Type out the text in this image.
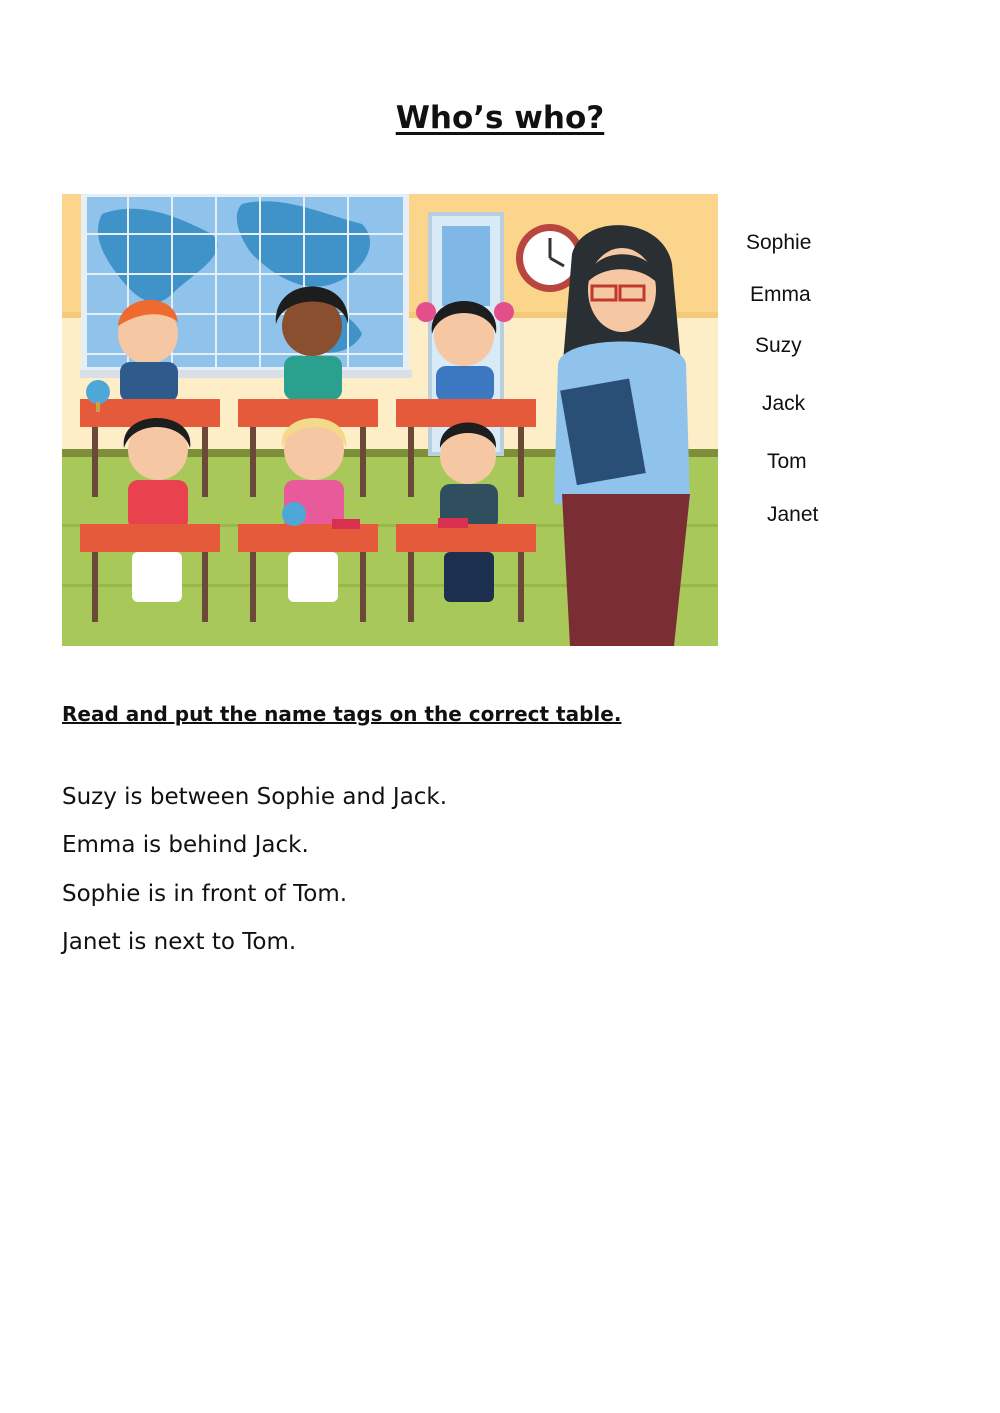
Who’s who?
Sophie
Emma
Suzy
Jack
Tom
Janet
Read and put the name tags on the correct table.
Suzy is between Sophie and Jack.
Emma is behind Jack.
Sophie is in front of Tom.
Janet is next to Tom.
